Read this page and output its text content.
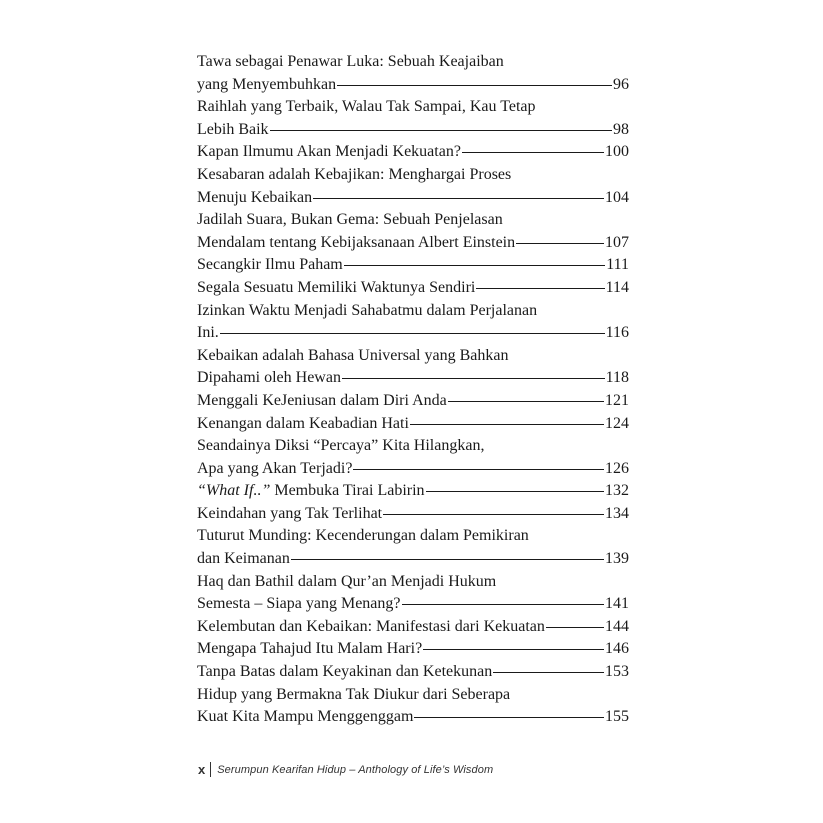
Tawa sebagai Penawar Luka: Sebuah Keajaiban
yang Menyembuhkan	96
Raihlah yang Terbaik, Walau Tak Sampai, Kau Tetap
Lebih Baik	98
Kapan Ilmumu Akan Menjadi Kekuatan?	100
Kesabaran adalah Kebajikan: Menghargai Proses
Menuju Kebaikan	104
Jadilah Suara, Bukan Gema: Sebuah Penjelasan
Mendalam tentang Kebijaksanaan Albert Einstein	107
Secangkir Ilmu Paham	111
Segala Sesuatu Memiliki Waktunya Sendiri	114
Izinkan Waktu Menjadi Sahabatmu dalam Perjalanan
Ini.	116
Kebaikan adalah Bahasa Universal yang Bahkan
Dipahami oleh Hewan	118
Menggali KeJeniusan dalam Diri Anda	121
Kenangan dalam Keabadian Hati	124
Seandainya Diksi “Percaya” Kita Hilangkan,
Apa yang Akan Terjadi?	126
“What If..” Membuka Tirai Labirin	132
Keindahan yang Tak Terlihat	134
Tuturut Munding: Kecenderungan dalam Pemikiran
dan Keimanan	139
Haq dan Bathil dalam Qur’an Menjadi Hukum
Semesta – Siapa yang Menang?	141
Kelembutan dan Kebaikan: Manifestasi dari Kekuatan	144
Mengapa Tahajud Itu Malam Hari?	146
Tanpa Batas dalam Keyakinan dan Ketekunan	153
Hidup yang Bermakna Tak Diukur dari Seberapa
Kuat Kita Mampu Menggenggam	155
x Serumpun Kearifan Hidup – Anthology of Life’s Wisdom
